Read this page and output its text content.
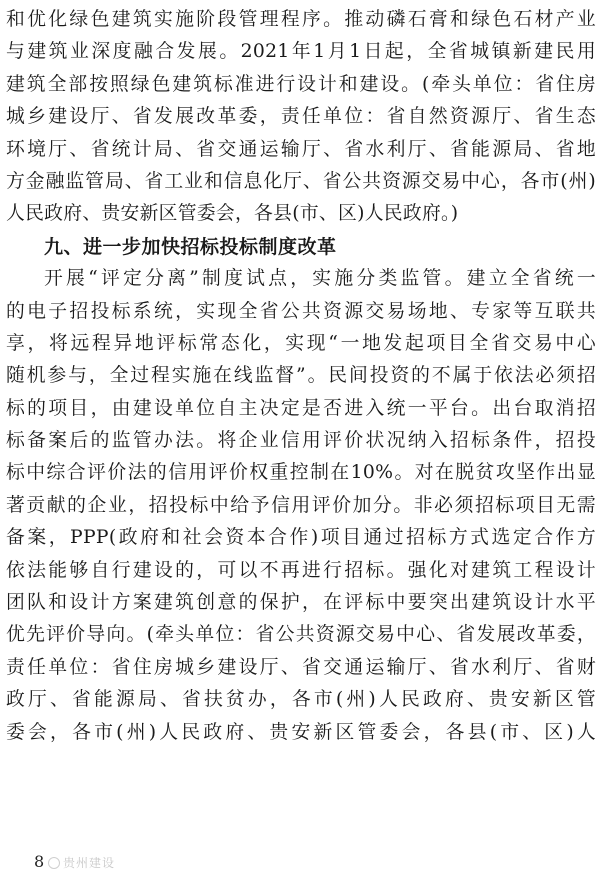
和优化绿色建筑实施阶段管理程序。推动磷石膏和绿色石材产业
与建筑业深度融合发展。2021年1月1日起，全省城镇新建民用
建筑全部按照绿色建筑标准进行设计和建设。(牵头单位：省住房
城乡建设厅、省发展改革委，责任单位：省自然资源厅、省生态
环境厅、省统计局、省交通运输厅、省水利厅、省能源局、省地
方金融监管局、省工业和信息化厅、省公共资源交易中心，各市(州)
人民政府、贵安新区管委会，各县(市、区)人民政府。)
九、进一步加快招标投标制度改革
开展“评定分离”制度试点，实施分类监管。建立全省统一
的电子招投标系统，实现全省公共资源交易场地、专家等互联共
享，将远程异地评标常态化，实现“一地发起项目全省交易中心
随机参与，全过程实施在线监督”。民间投资的不属于依法必须招
标的项目，由建设单位自主决定是否进入统一平台。出台取消招
标备案后的监管办法。将企业信用评价状况纳入招标条件，招投
标中综合评价法的信用评价权重控制在10%。对在脱贫攻坚作出显
著贡献的企业，招投标中给予信用评价加分。非必须招标项目无需
备案，PPP(政府和社会资本合作)项目通过招标方式选定合作方
依法能够自行建设的，可以不再进行招标。强化对建筑工程设计
团队和设计方案建筑创意的保护，在评标中要突出建筑设计水平
优先评价导向。(牵头单位：省公共资源交易中心、省发展改革委，
责任单位：省住房城乡建设厅、省交通运输厅、省水利厅、省财
政厅、省能源局、省扶贫办，各市(州)人民政府、贵安新区管
委会，各市(州)人民政府、贵安新区管委会，各县(市、区)人
8	贵州建设
